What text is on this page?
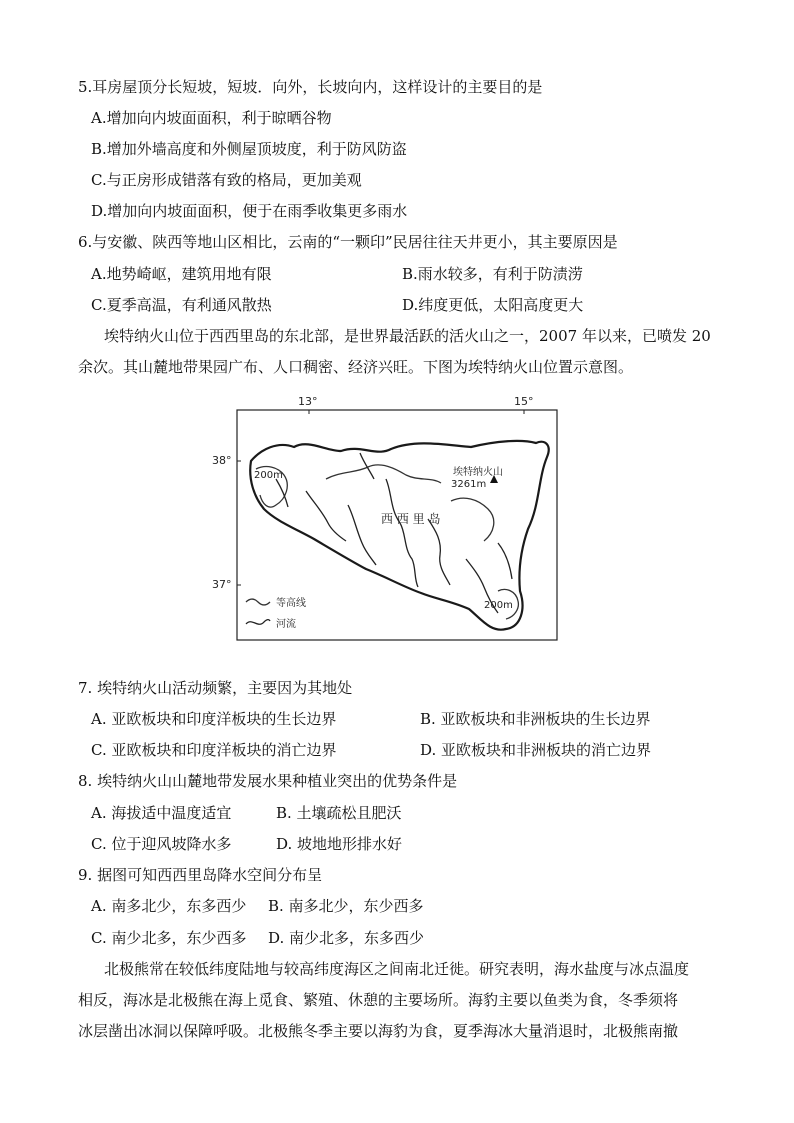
5.耳房屋顶分长短坡，短坡．向外，长坡向内，这样设计的主要目的是
A.增加向内坡面面积，利于晾晒谷物
B.增加外墙高度和外侧屋顶坡度，利于防风防盗
C.与正房形成错落有致的格局，更加美观
D.增加向内坡面面积，便于在雨季收集更多雨水
6.与安徽、陕西等地山区相比，云南的“一颗印”民居往往天井更小，其主要原因是
A.地势崎岖，建筑用地有限	B.雨水较多，有利于防渍涝
C.夏季高温，有利通风散热	D.纬度更低，太阳高度更大
埃特纳火山位于西西里岛的东北部，是世界最活跃的活火山之一，2007 年以来，已喷发 20
余次。其山麓地带果园广布、人口稠密、经济兴旺。下图为埃特纳火山位置示意图。
13°	15°
38°
37°
200m	埃特纳火山
3261m
西 西 里 岛
200m
等高线
河流
7. 埃特纳火山活动频繁，主要因为其地处
A. 亚欧板块和印度洋板块的生长边界	B. 亚欧板块和非洲板块的生长边界
C. 亚欧板块和印度洋板块的消亡边界	D. 亚欧板块和非洲板块的消亡边界
8. 埃特纳火山山麓地带发展水果种植业突出的优势条件是
A. 海拔适中温度适宜	B. 土壤疏松且肥沃
C. 位于迎风坡降水多	D. 坡地地形排水好
9. 据图可知西西里岛降水空间分布呈
A. 南多北少，东多西少 B. 南多北少，东少西多
C. 南少北多，东少西多 D. 南少北多，东多西少
北极熊常在较低纬度陆地与较高纬度海区之间南北迁徙。研究表明，海水盐度与冰点温度
相反，海冰是北极熊在海上觅食、繁殖、休憩的主要场所。海豹主要以鱼类为食，冬季须将
冰层凿出冰洞以保障呼吸。北极熊冬季主要以海豹为食，夏季海冰大量消退时，北极熊南撤
